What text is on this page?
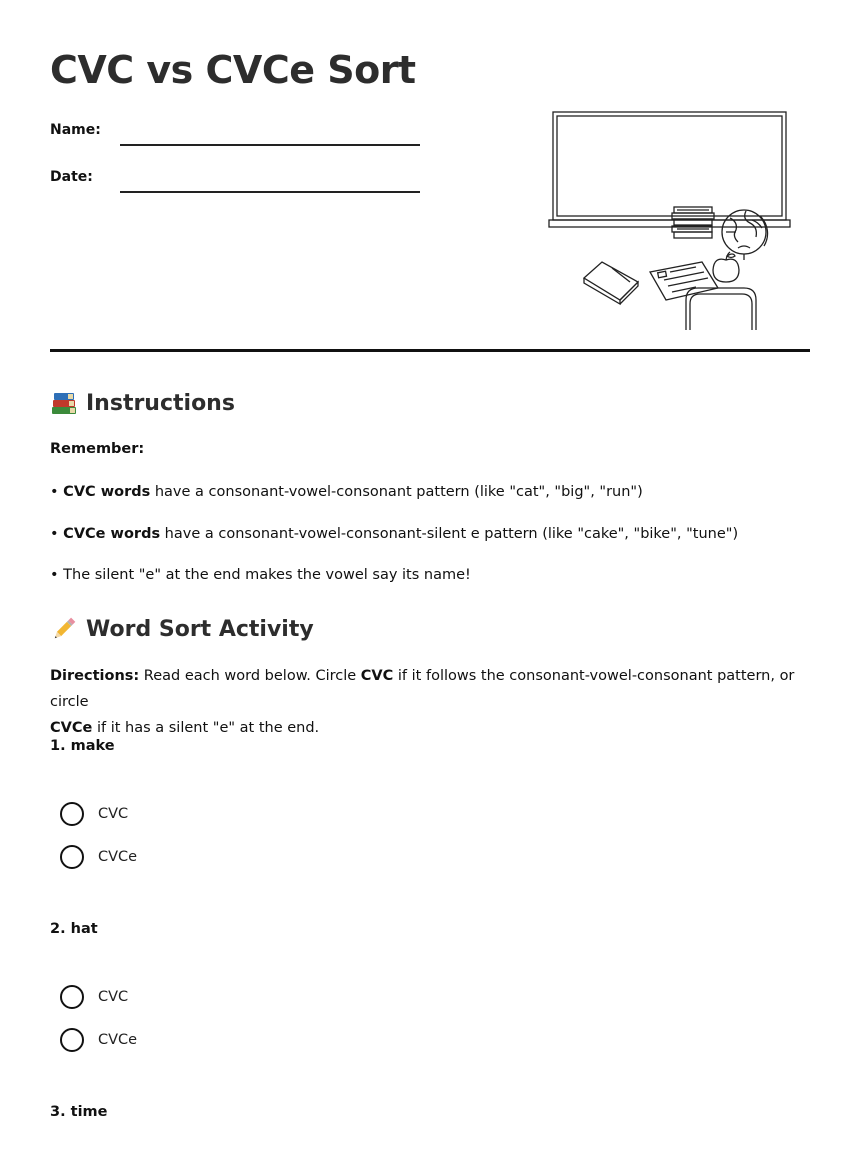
CVC vs CVCe Sort
Name:
Date:
Instructions
Remember:
• CVC words have a consonant-vowel-consonant pattern (like "cat", "big", "run")
• CVCe words have a consonant-vowel-consonant-silent e pattern (like "cake", "bike", "tune")
• The silent "e" at the end makes the vowel say its name!
Word Sort Activity
Directions: Read each word below. Circle CVC if it follows the consonant-vowel-consonant pattern, or circle
CVCe if it has a silent "e" at the end.
1. make
CVC
CVCe
2. hat
CVC
CVCe
3. time
